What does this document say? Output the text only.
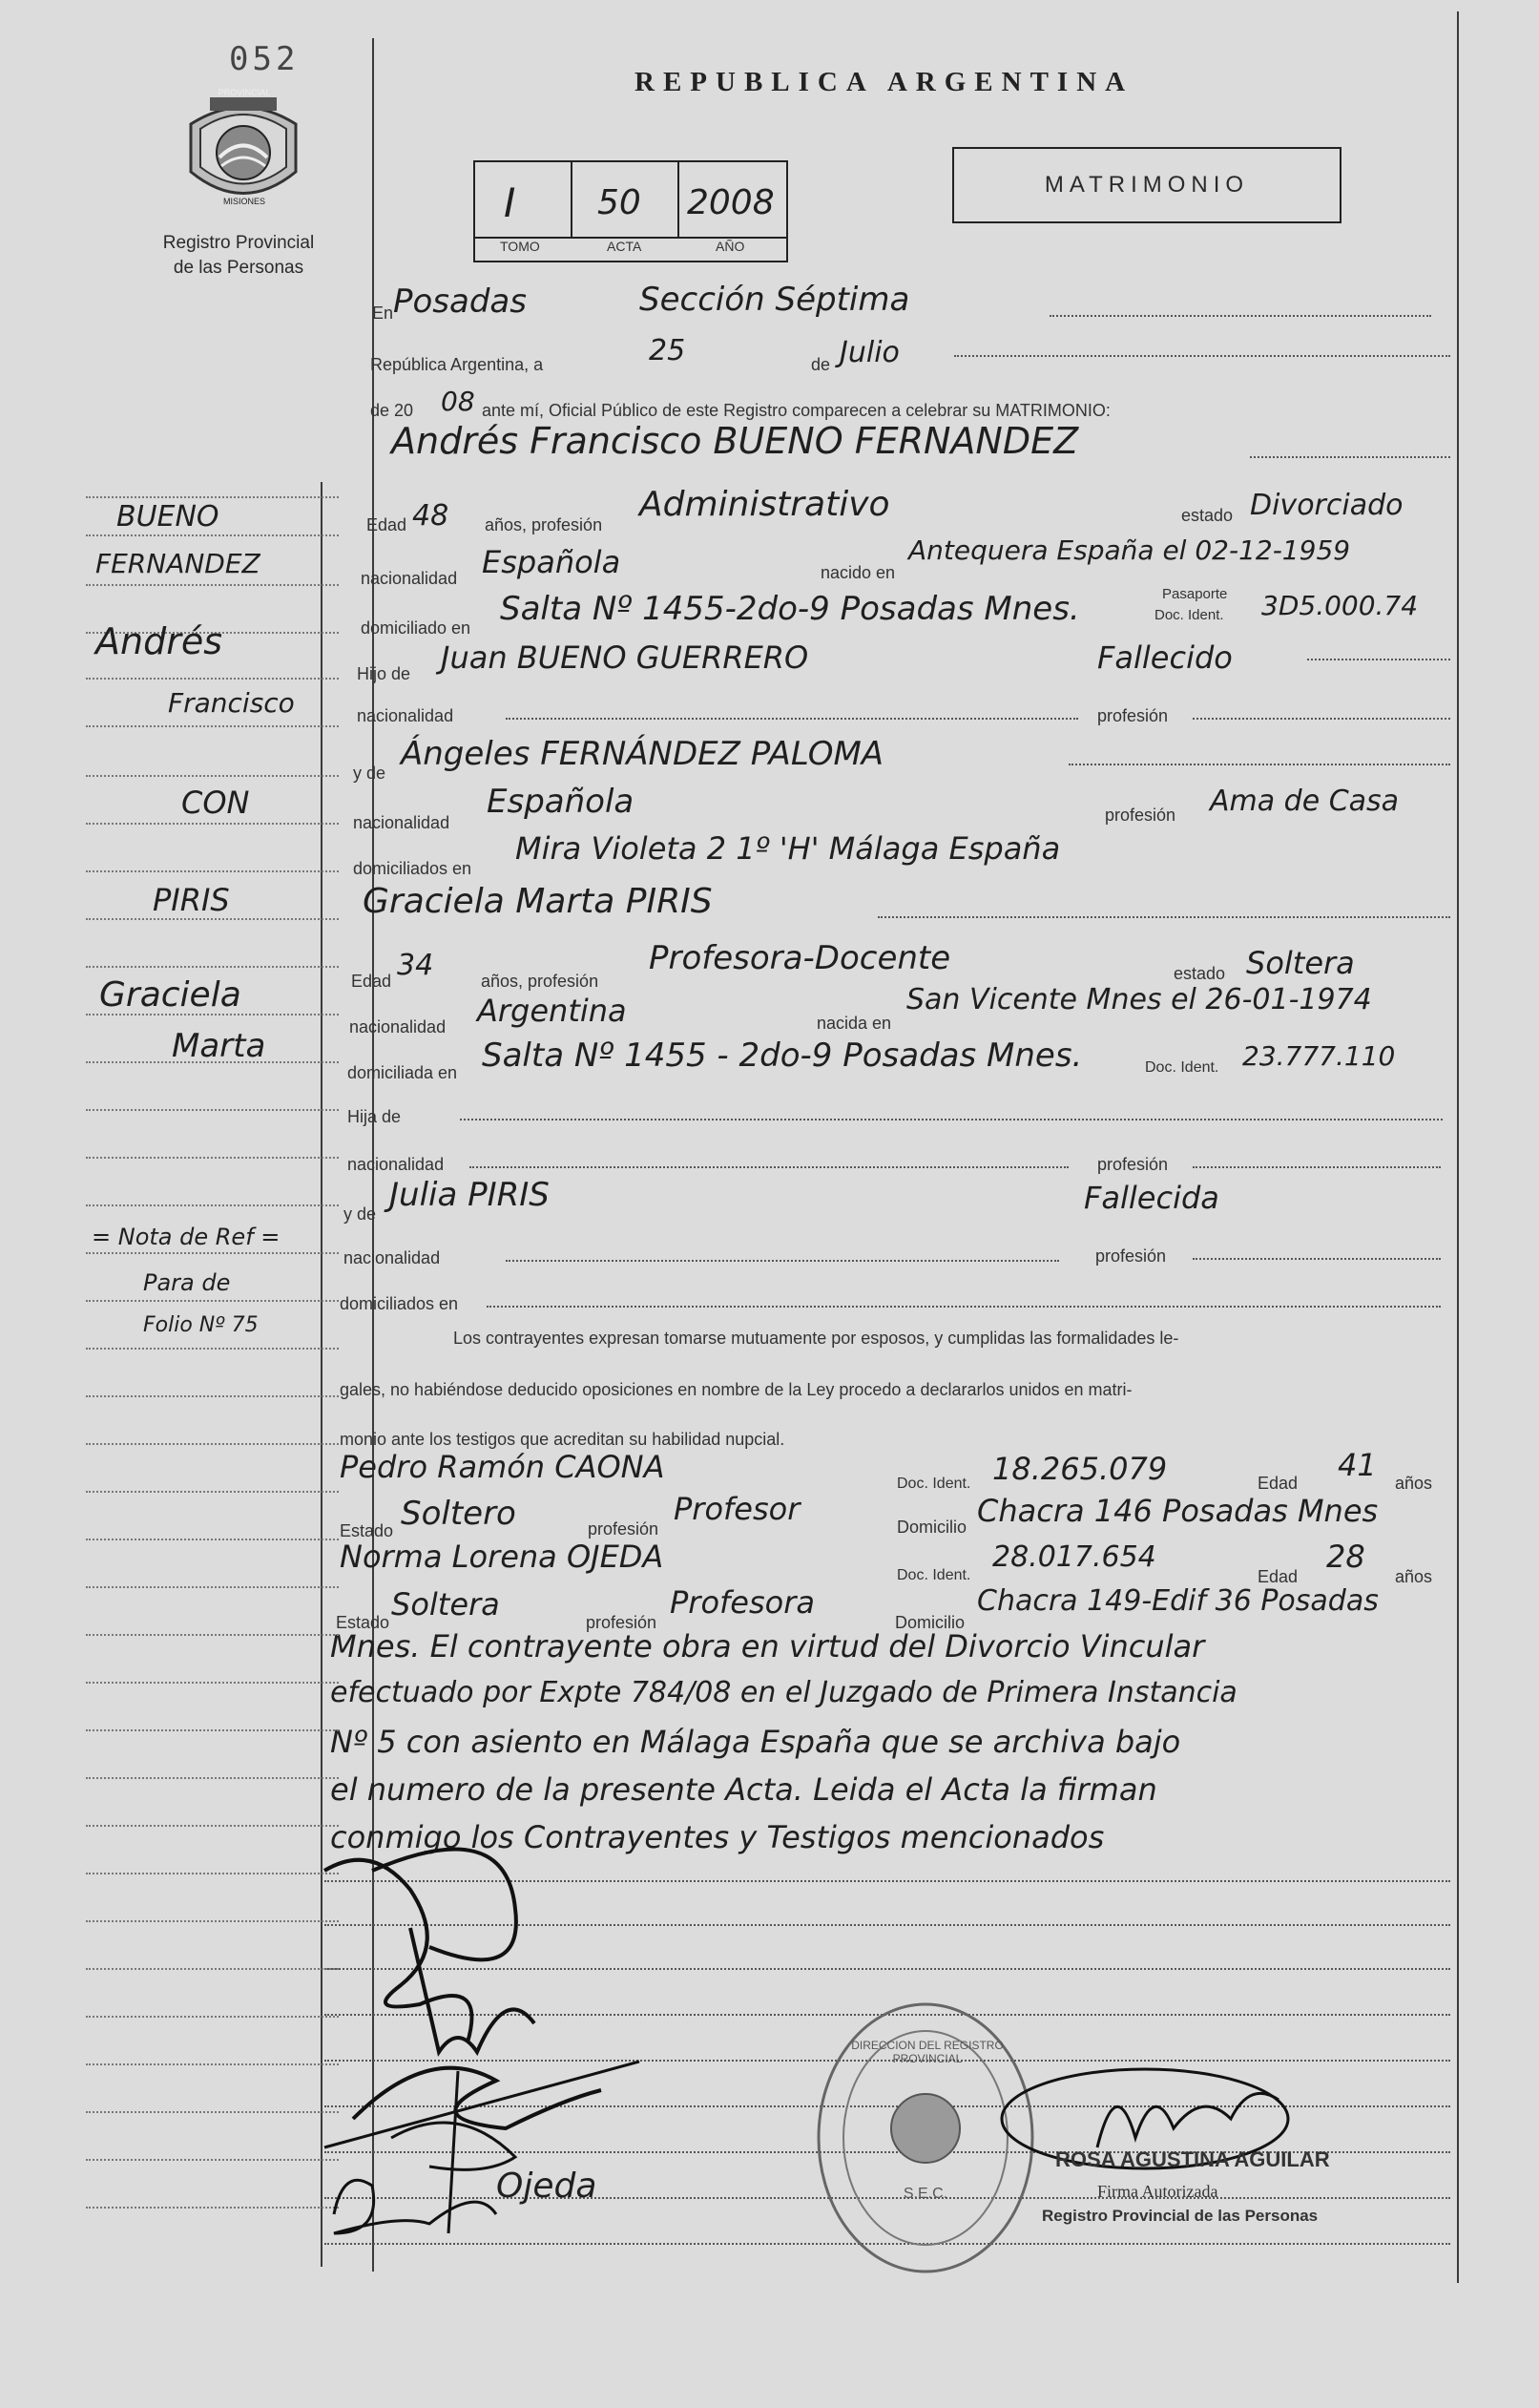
052
PROVINCIAL
MISIONES
Registro Provincial
de las Personas
REPUBLICA ARGENTINA
I 50 2008
TOMO	ACTA	AÑO
MATRIMONIO
En Posadas	Sección Séptima
República Argentina, a	25	de Julio
de 20 08 ante mí, Oficial Público de este Registro comparecen a celebrar su MATRIMONIO:
Andrés Francisco BUENO FERNANDEZ
Edad 48 años, profesión
Administrativo	estado Divorciado
nacionalidad Española	nacido en
Antequera España el 02-12-1959
domiciliado en Salta Nº 1455-2do-9 Posadas Mnes.	Pasaporte
Doc. Ident. 3D5.000.74
Hijo de Juan BUENO GUERRERO	Fallecido
nacionalidad	profesión
y de Ángeles FERNÁNDEZ PALOMA
nacionalidad
Española	profesión Ama de Casa
domiciliados en
Mira Violeta 2 1º 'H' Málaga España
Graciela Marta PIRIS
Edad 34	años, profesión
Profesora-Docente	estado Soltera
nacionalidad Argentina	nacida en
San Vicente Mnes el 26-01-1974
domiciliada en Salta Nº 1455 - 2do-9 Posadas Mnes.	Doc. Ident. 23.777.110
Hija de
nacionalidad	profesión
y de Julia PIRIS	Fallecida
nacionalidad	profesión
domiciliados en
Los contrayentes expresan tomarse mutuamente por esposos, y cumplidas las formalidades le-
gales, no habiéndose deducido oposiciones en nombre de la Ley procedo a declararlos unidos en matri-
monio ante los testigos que acreditan su habilidad nupcial.
Pedro Ramón CAONA	Doc. Ident. 18.265.079	Edad 41 años
Estado Soltero	profesión
Profesor	Domicilio Chacra 146 Posadas Mnes
Norma Lorena OJEDA
Doc. Ident.
28.017.654
Edad
28
años
Estado Soltera	profesión
Profesora
Domicilio
Chacra 149-Edif 36 Posadas
Mnes. El contrayente obra en virtud del Divorcio Vincular
efectuado por Expte 784/08 en el Juzgado de Primera Instancia
Nº 5 con asiento en Málaga España que se archiva bajo
el numero de la presente Acta. Leida el Acta la firman
conmigo los Contrayentes y Testigos mencionados
BUENO
FERNANDEZ
Andrés
Francisco
CON
PIRIS
Graciela
Marta
= Nota de Ref =
Para de
Folio Nº 75
Ojeda
DIRECCION DEL REGISTRO PROVINCIAL
S.E.C.
ROSA AGUSTINA AGUILAR
Firma Autorizada
Registro Provincial de las Personas
